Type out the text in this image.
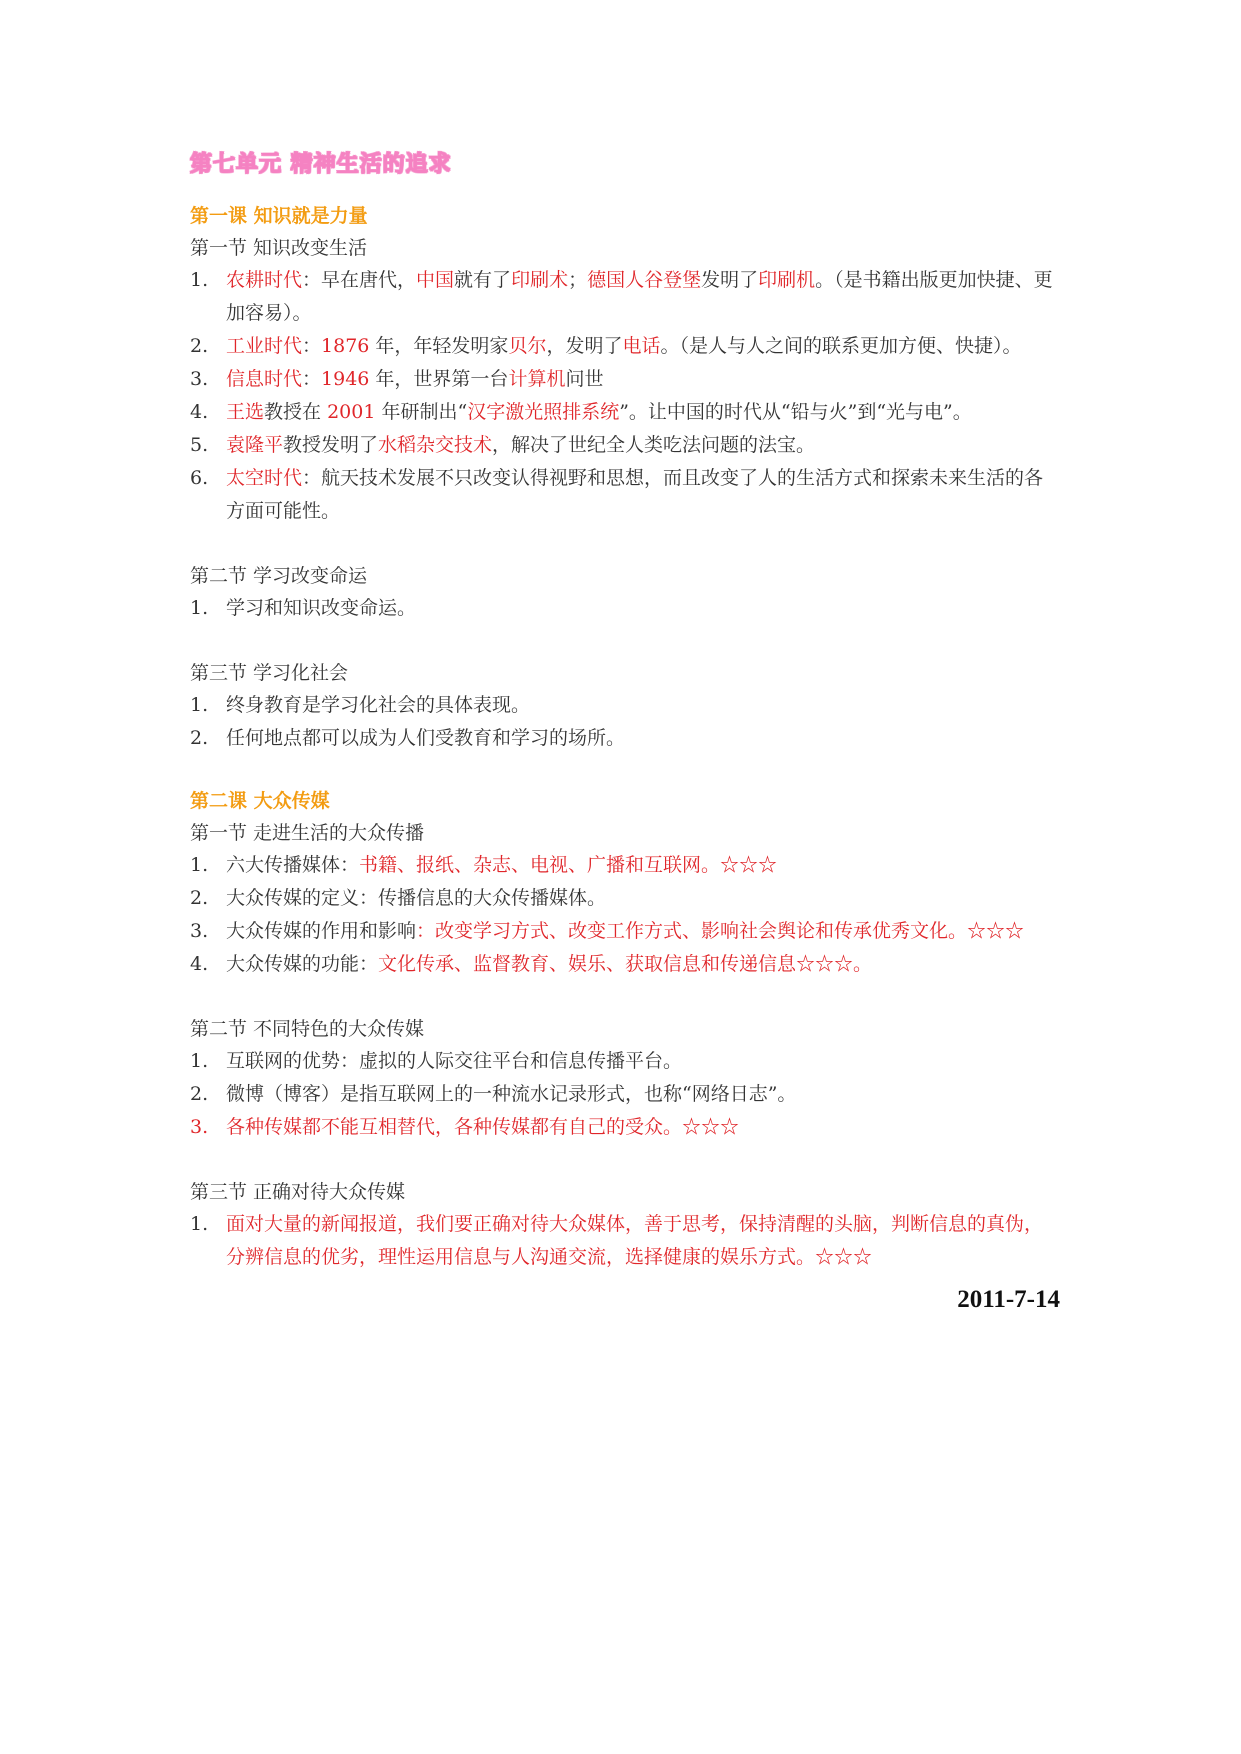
第七单元 精神生活的追求
第一课 知识就是力量
第一节 知识改变生活
1. 农耕时代：早在唐代，中国就有了印刷术；德国人谷登堡发明了印刷机。（是书籍出版更加快捷、更加容易）。
2. 工业时代：1876 年，年轻发明家贝尔，发明了电话。（是人与人之间的联系更加方便、快捷）。
3. 信息时代：1946 年，世界第一台计算机问世
4. 王选教授在 2001 年研制出“汉字激光照排系统”。让中国的时代从“铅与火”到“光与电”。
5. 袁隆平教授发明了水稻杂交技术，解决了世纪全人类吃法问题的法宝。
6. 太空时代：航天技术发展不只改变认得视野和思想，而且改变了人的生活方式和探索未来生活的各方面可能性。
第二节 学习改变命运
1. 学习和知识改变命运。
第三节 学习化社会
1. 终身教育是学习化社会的具体表现。
2. 任何地点都可以成为人们受教育和学习的场所。
第二课 大众传媒
第一节 走进生活的大众传播
1. 六大传播媒体：书籍、报纸、杂志、电视、广播和互联网。☆☆☆
2. 大众传媒的定义：传播信息的大众传播媒体。
3. 大众传媒的作用和影响：改变学习方式、改变工作方式、影响社会舆论和传承优秀文化。☆☆☆
4. 大众传媒的功能：文化传承、监督教育、娱乐、获取信息和传递信息☆☆☆。
第二节 不同特色的大众传媒
1. 互联网的优势：虚拟的人际交往平台和信息传播平台。
2. 微博（博客）是指互联网上的一种流水记录形式，也称“网络日志”。
3. 各种传媒都不能互相替代，各种传媒都有自己的受众。☆☆☆
第三节 正确对待大众传媒
1. 面对大量的新闻报道，我们要正确对待大众媒体，善于思考，保持清醒的头脑，判断信息的真伪，分辨信息的优劣，理性运用信息与人沟通交流，选择健康的娱乐方式。☆☆☆
2011-7-14
